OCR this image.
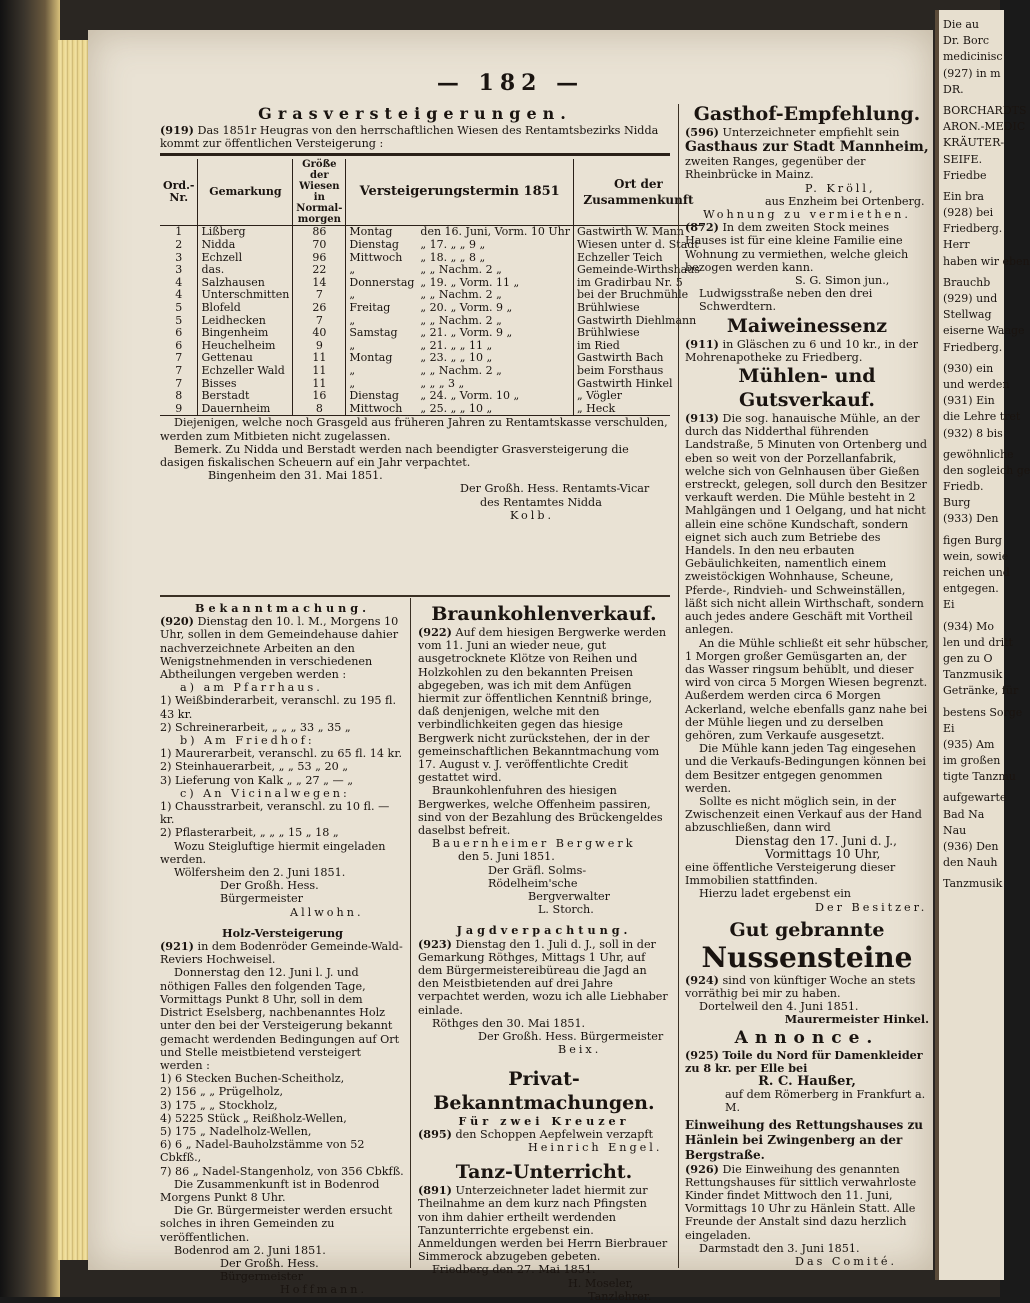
— 182 —
Grasversteigerungen.

(919) Das 1851r Heugras von den herrschaftlichen Wiesen des Rentamtsbezirks Nidda kommt zur öffentlichen Versteigerung :

Ord.-Nr.	Gemarkung	Größe der Wiesen in Normal-morgen	Versteigerungstermin 1851		Ort der Zusammenkunft
1	Lißberg	86	Montag	den 16. Juni, Vorm. 10 Uhr	Gastwirth W. Mann
2	Nidda	70	Dienstag	„ 17. „ „ 9 „	Wiesen unter d. Stadt
3	Echzell	96	Mittwoch	„ 18. „ „ 8 „	Echzeller Teich
3	das.	22	„	„ „ Nachm. 2 „	Gemeinde-Wirthshaus
4	Salzhausen	14	Donnerstag	„ 19. „ Vorm. 11 „	im Gradirbau Nr. 5
4	Unterschmitten	7	„	„ „ Nachm. 2 „	bei der Bruchmühle
5	Blofeld	26	Freitag	„ 20. „ Vorm. 9 „	Brühlwiese
5	Leidhecken	7	„	„ „ Nachm. 2 „	Gastwirth Diehlmann
6	Bingenheim	40	Samstag	„ 21. „ Vorm. 9 „	Brühlwiese
6	Heuchelheim	9	„	„ 21. „ „ 11 „	im Ried
7	Gettenau	11	Montag	„ 23. „ „ 10 „	Gastwirth Bach
7	Echzeller Wald	11	„	„ „ Nachm. 2 „	beim Forsthaus
7	Bisses	11	„	„ „ „ 3 „	Gastwirth Hinkel
8	Berstadt	16	Dienstag	„ 24. „ Vorm. 10 „	„ Vögler
9	Dauernheim	8	Mittwoch	„ 25. „ „ 10 „	„ Heck

Diejenigen, welche noch Grasgeld aus früheren Jahren zu Rentamtskasse verschulden, werden zum Mitbieten nicht zugelassen.

Bemerk. Zu Nidda und Berstadt werden nach beendigter Grasversteigerung die dasigen fiskalischen Scheuern auf ein Jahr verpachtet.

Bingenheim den 31. Mai 1851.

Der Großh. Hess. Rentamts-Vicar

des Rentamtes Nidda

Kolb.

Bekanntmachung.

(920) Dienstag den 10. l. M., Morgens 10 Uhr, sollen in dem Gemeindehause dahier nachverzeichnete Arbeiten an den Wenigstnehmenden in verschiedenen Abtheilungen vergeben werden :

a) am Pfarrhaus.

1) Weißbinderarbeit, veranschl. zu 195 fl. 43 kr.

2) Schreinerarbeit, „ „ „ 33 „ 35 „

b) Am Friedhof:

1) Maurerarbeit, veranschl. zu 65 fl. 14 kr.

2) Steinhauerarbeit, „ „ 53 „ 20 „

3) Lieferung von Kalk „ „ 27 „ — „

c) An Vicinalwegen:

1) Chausstrarbeit, veranschl. zu 10 fl. — kr.

2) Pflasterarbeit, „ „ „ 15 „ 18 „

Wozu Steigluftige hiermit eingeladen werden.

Wölfersheim den 2. Juni 1851.

Der Großh. Hess. Bürgermeister

Allwohn.

Holz-Versteigerung

(921) in dem Bodenröder Gemeinde-Wald-Reviers Hochweisel.

Donnerstag den 12. Juni l. J. und nöthigen Falles den folgenden Tage, Vormittags Punkt 8 Uhr, soll in dem District Eselsberg, nachbenanntes Holz unter den bei der Versteigerung bekannt gemacht werdenden Bedingungen auf Ort und Stelle meistbietend versteigert werden :

1) 6 Stecken Buchen-Scheitholz,

2) 156 „ „ Prügelholz,

3) 175 „ „ Stockholz,

4) 5225 Stück „ Reißholz-Wellen,

5) 175 „ Nadelholz-Wellen,

6) 6 „ Nadel-Bauholzstämme von 52 Cbkfß.,

7) 86 „ Nadel-Stangenholz, von 356 Cbkfß.

Die Zusammenkunft ist in Bodenrod Morgens Punkt 8 Uhr.

Die Gr. Bürgermeister werden ersucht solches in ihren Gemeinden zu veröffentlichen.

Bodenrod am 2. Juni 1851.

Der Großh. Hess. Bürgermeister

Hoffmann.

Braunkohlenverkauf.

(922) Auf dem hiesigen Bergwerke werden vom 11. Juni an wieder neue, gut ausgetrocknete Klötze von Reihen und Holzkohlen zu den bekannten Preisen abgegeben, was ich mit dem Anfügen hiermit zur öffentlichen Kenntniß bringe, daß denjenigen, welche mit den verbindlichkeiten gegen das hiesige Bergwerk nicht zurückstehen, der in der gemeinschaftlichen Bekanntmachung vom 17. August v. J. veröffentlichte Credit gestattet wird.

Braunkohlenfuhren des hiesigen Bergwerkes, welche Offenheim passiren, sind von der Bezahlung des Brückengeldes daselbst befreit.

Bauernheimer Bergwerk

den 5. Juni 1851.

Der Gräfl. Solms-Rödelheim'sche

Bergverwalter

L. Storch.

Jagdverpachtung.

(923) Dienstag den 1. Juli d. J., soll in der Gemarkung Röthges, Mittags 1 Uhr, auf dem Bürgermeistereibüreau die Jagd an den Meistbietenden auf drei Jahre verpachtet werden, wozu ich alle Liebhaber einlade.

Röthges den 30. Mai 1851.

Der Großh. Hess. Bürgermeister

Beix.

Privat-Bekanntmachungen.
Für zwei Kreuzer

(895) den Schoppen Aepfelwein verzapft

Heinrich Engel.

Tanz-Unterricht.

(891) Unterzeichneter ladet hiermit zur Theilnahme an dem kurz nach Pfingsten von ihm dahier ertheilt werdenden Tanzunterrichte ergebenst ein. Anmeldungen werden bei Herrn Bierbrauer Simmerock abzugeben gebeten.

Friedberg den 27. Mai 1851.

H. Moseler,

Tanzlehrer.

Gasthof-Empfehlung.

(596) Unterzeichneter empfiehlt sein

Gasthaus zur Stadt Mannheim,

zweiten Ranges, gegenüber der Rheinbrücke in Mainz.

P. Kröll,

aus Enzheim bei Ortenberg.

Wohnung zu vermiethen.

(872) In dem zweiten Stock meines Hauses ist für eine kleine Familie eine Wohnung zu vermiethen, welche gleich bezogen werden kann.

S. G. Simon jun.,

Ludwigsstraße neben den drei Schwerdtern.

Maiweinessenz

(911) in Gläschen zu 6 und 10 kr., in der Mohrenapotheke zu Friedberg.

Mühlen- und Gutsverkauf.

(913) Die sog. hanauische Mühle, an der durch das Nidderthal führenden Landstraße, 5 Minuten von Ortenberg und eben so weit von der Porzellanfabrik, welche sich von Gelnhausen über Gießen erstreckt, gelegen, soll durch den Besitzer verkauft werden. Die Mühle besteht in 2 Mahlgängen und 1 Oelgang, und hat nicht allein eine schöne Kundschaft, sondern eignet sich auch zum Betriebe des Handels. In den neu erbauten Gebäulichkeiten, namentlich einem zweistöckigen Wohnhause, Scheune, Pferde-, Rindvieh- und Schweinställen, läßt sich nicht allein Wirthschaft, sondern auch jedes andere Geschäft mit Vortheil anlegen.

An die Mühle schließt eit sehr hübscher, 1 Morgen großer Gemüsgarten an, der das Wasser ringsum behüblt, und dieser wird von circa 5 Morgen Wiesen begrenzt. Außerdem werden circa 6 Morgen Ackerland, welche ebenfalls ganz nahe bei der Mühle liegen und zu derselben gehören, zum Verkaufe ausgesetzt.

Die Mühle kann jeden Tag eingesehen und die Verkaufs-Bedingungen können bei dem Besitzer entgegen genommen werden.

Sollte es nicht möglich sein, in der Zwischenzeit einen Verkauf aus der Hand abzuschließen, dann wird

Dienstag den 17. Juni d. J.,

Vormittags 10 Uhr,

eine öffentliche Versteigerung dieser Immobilien stattfinden.

Hierzu ladet ergebenst ein

Der Besitzer.

Gut gebrannte
Nussensteine

(924) sind von künftiger Woche an stets vorräthig bei mir zu haben.

Dortelweil den 4. Juni 1851.

Maurermeister Hinkel.

Annonce.

(925) Toile du Nord für Damenkleider zu 8 kr. per Elle bei

R. C. Haußer,

auf dem Römerberg in Frankfurt a. M.

Einweihung des Rettungshauses zu Hänlein bei Zwingenberg an der Bergstraße.

(926) Die Einweihung des genannten Rettungshauses für sittlich verwahrloste Kinder findet Mittwoch den 11. Juni, Vormittags 10 Uhr zu Hänlein Statt. Alle Freunde der Anstalt sind dazu herzlich eingeladen.

Darmstadt den 3. Juni 1851.

Das Comité.

Die au
Dr. Borc
medicinisc
(927) in m
DR.
BORCHARDTS
ARON.-MEDIC
KRÄUTER-
SEIFE.
Friedbe
Ein bra
(928) bei
Friedberg.
Herr
haben wir eben
Brauchb
(929) und
Stellwag
eiserne Waage
Friedberg.
(930) ein
und werden
(931) Ein
die Lehre tret
(932) 8 bis
gewöhnliche
den sogleich ge
Friedb.
Burg
(933) Den
figen Burg
wein, sowie
reichen und
entgegen.
Ei
(934) Mo
len und dritt
gen zu O
Tanzmusik
Getränke, für
bestens Sorge
Ei
(935) Am
im großen
tigte Tanzmu
aufgewarte
Bad Na
Nau
(936) Den
den Nauh
Tanzmusik
